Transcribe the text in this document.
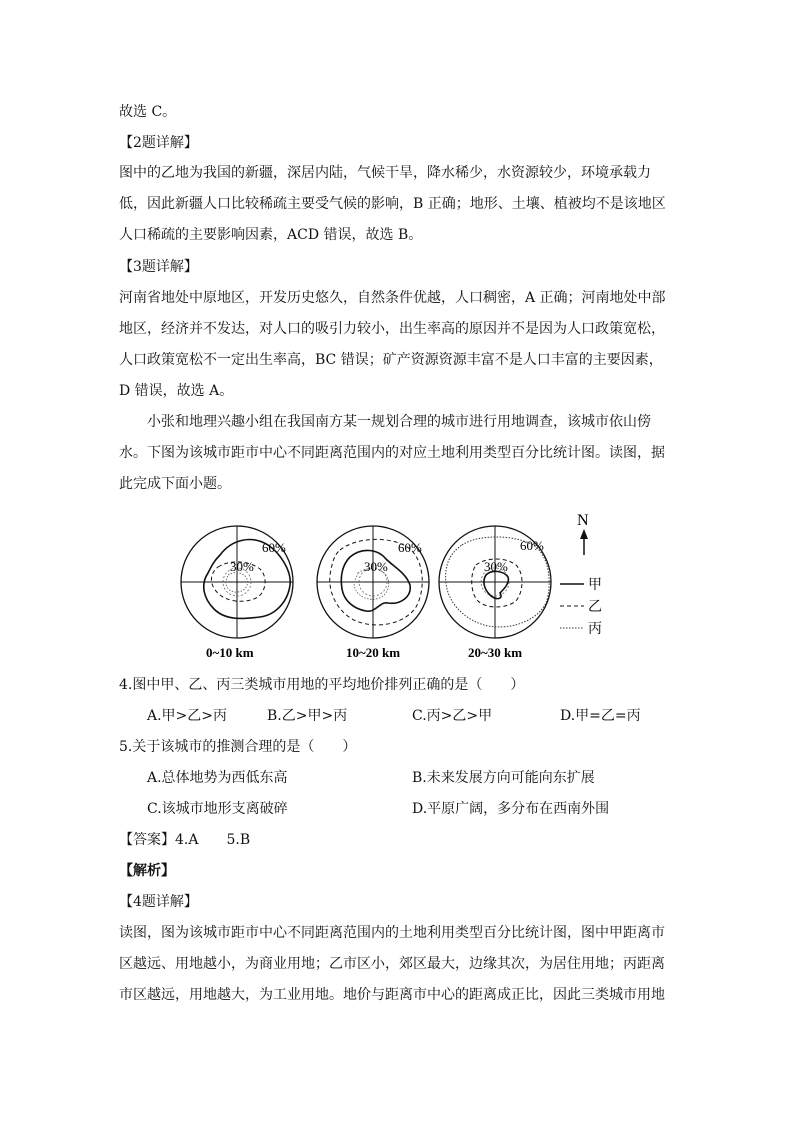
故选 C。
【2题详解】
图中的乙地为我国的新疆，深居内陆，气候干旱，降水稀少，水资源较少，环境承载力
低，因此新疆人口比较稀疏主要受气候的影响，B 正确；地形、土壤、植被均不是该地区
人口稀疏的主要影响因素，ACD 错误，故选 B。
【3题详解】
河南省地处中原地区，开发历史悠久，自然条件优越，人口稠密，A 正确；河南地处中部
地区，经济并不发达，对人口的吸引力较小，出生率高的原因并不是因为人口政策宽松，
人口政策宽松不一定出生率高，BC 错误；矿产资源资源丰富不是人口丰富的主要因素，
D 错误，故选 A。
小张和地理兴趣小组在我国南方某一规划合理的城市进行用地调查，该城市依山傍
水。下图为该城市距市中心不同距离范围内的对应土地利用类型百分比统计图。读图，据
此完成下面小题。
60%
30%
0~10 km
60%
30%
10~20 km
60%
30%
20~30 km
N
甲
乙
丙
4.图中甲、乙、丙三类城市用地的平均地价排列正确的是（　　）
A.甲>乙>丙	B.乙>甲>丙	C.丙>乙>甲	D.甲=乙=丙
5.关于该城市的推测合理的是（　　）
A.总体地势为西低东高	B.未来发展方向可能向东扩展
C.该城市地形支离破碎	D.平原广阔，多分布在西南外围
【答案】4.A　　5.B
【解析】
【4题详解】
读图，图为该城市距市中心不同距离范围内的土地利用类型百分比统计图，图中甲距离市
区越远、用地越小，为商业用地；乙市区小，郊区最大，边缘其次，为居住用地；丙距离
市区越远，用地越大，为工业用地。地价与距离市中心的距离成正比，因此三类城市用地
